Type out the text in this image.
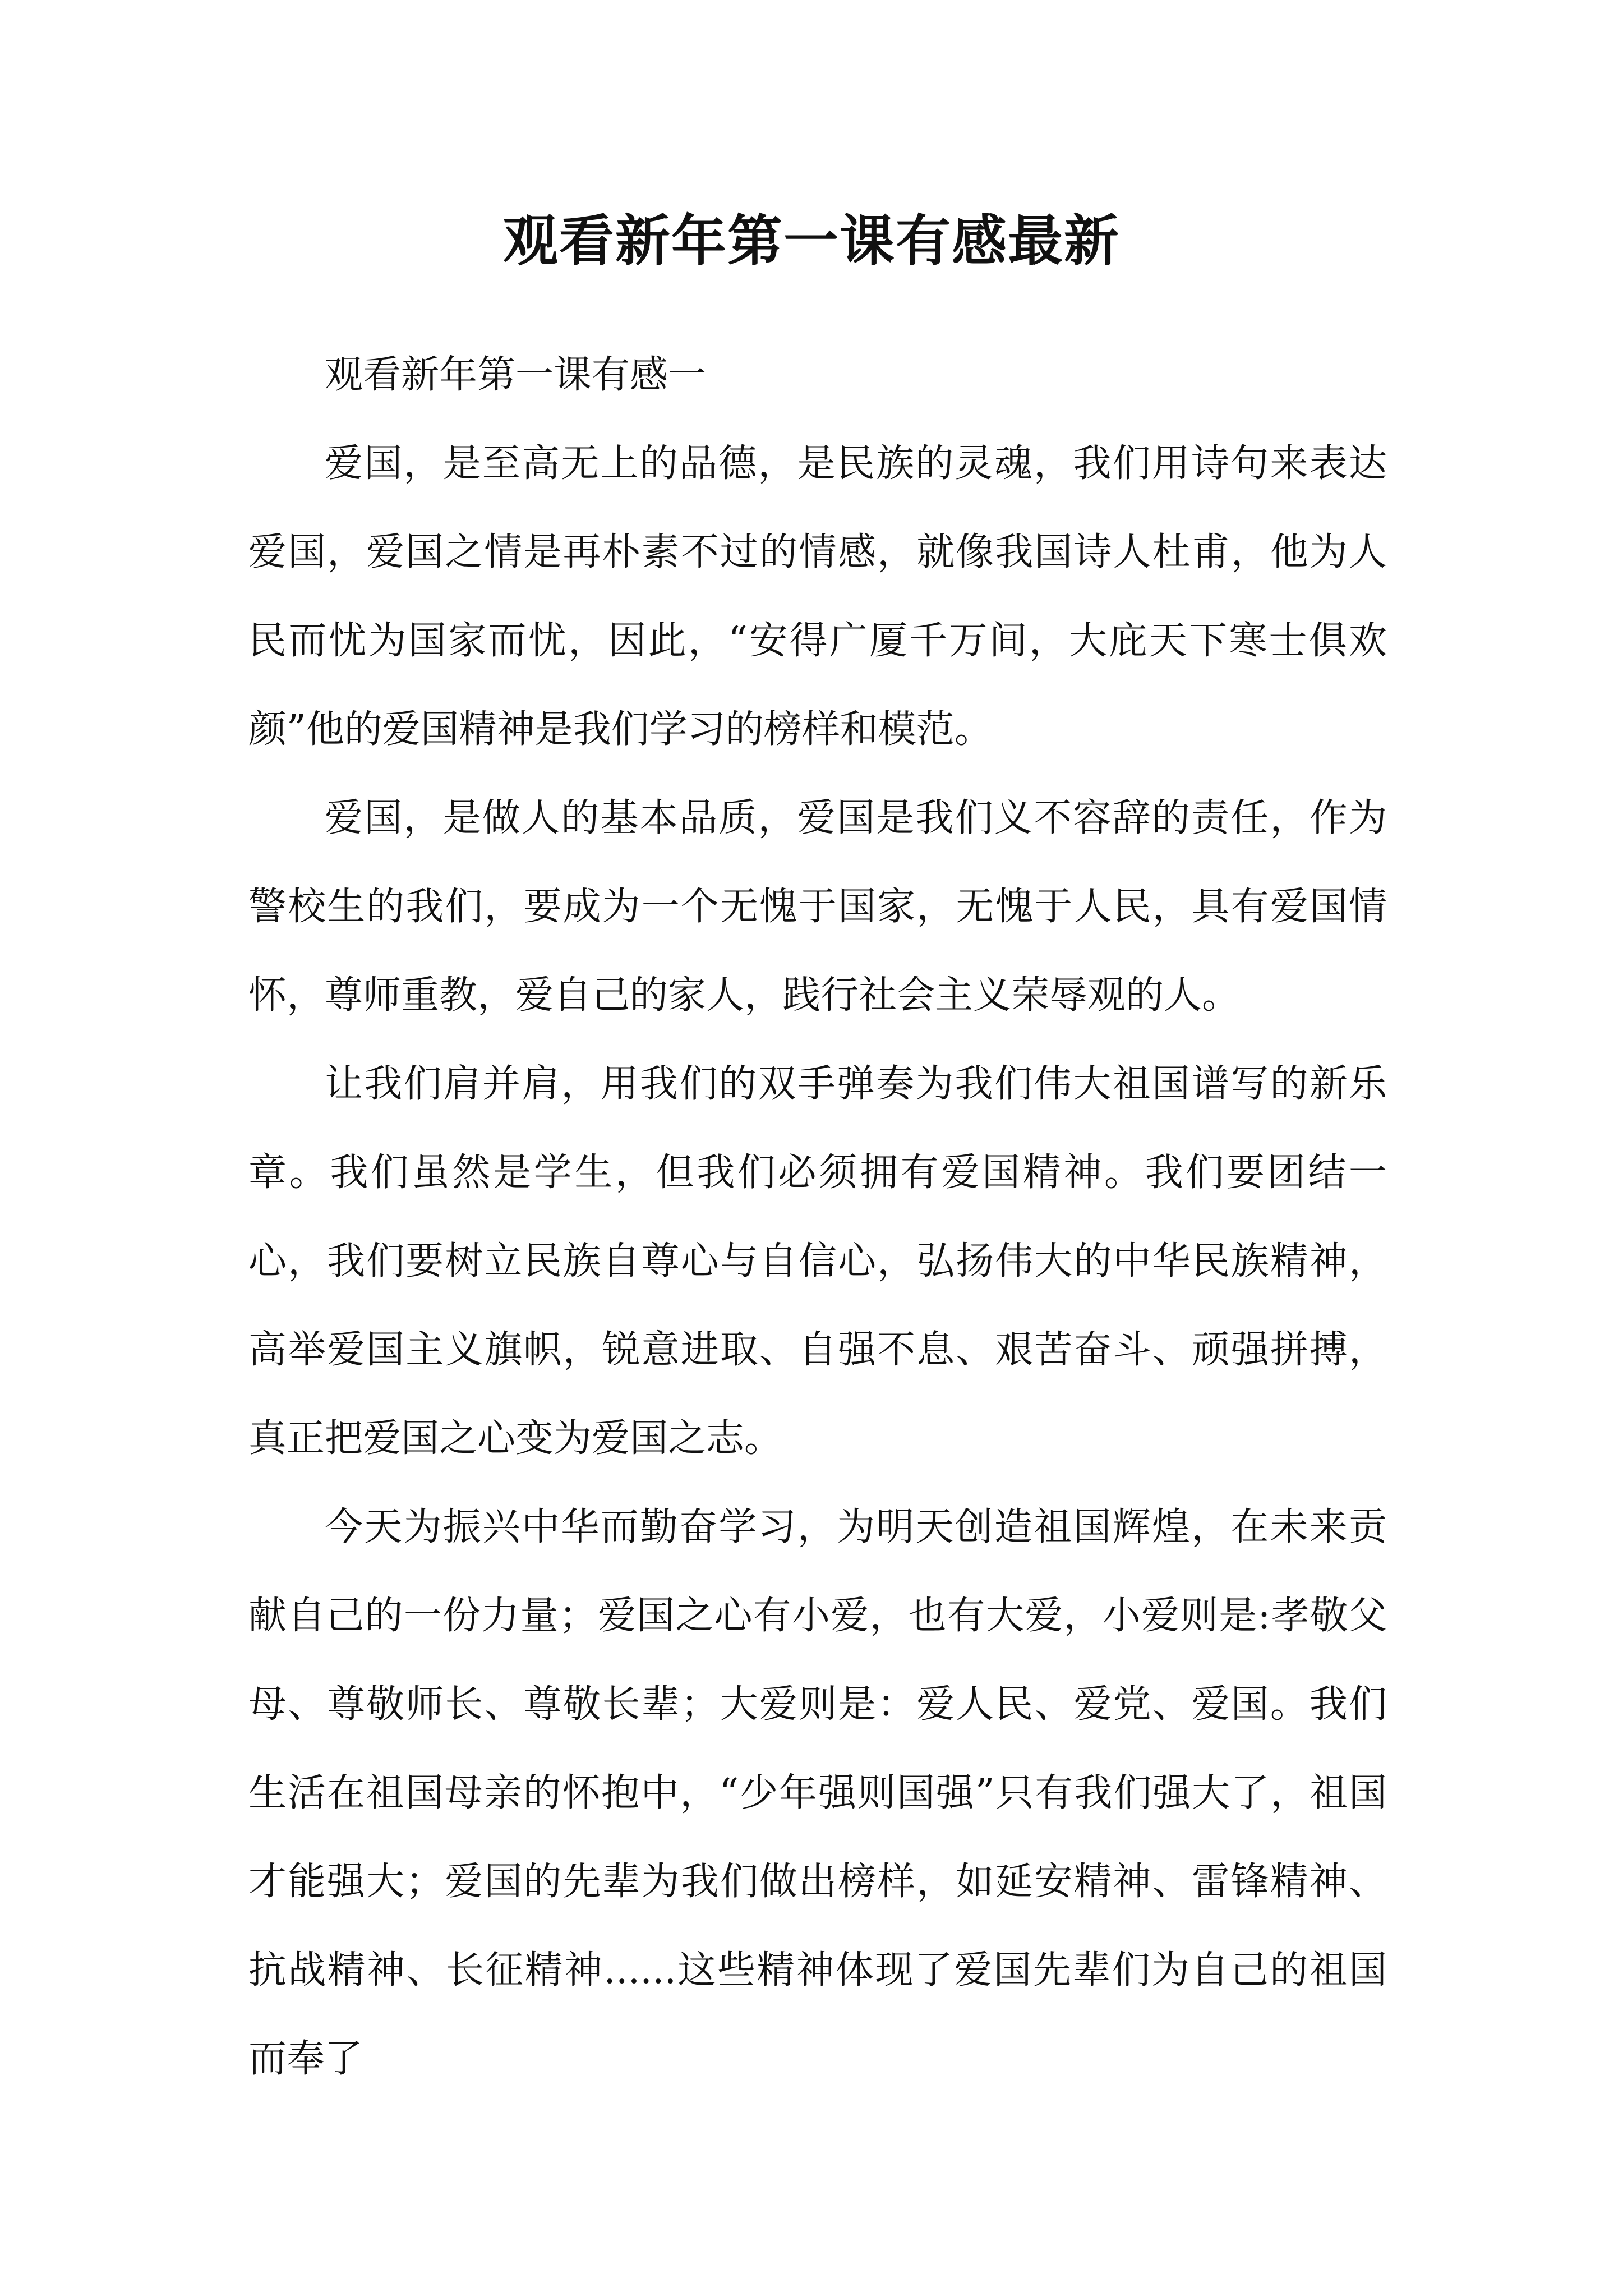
观看新年第一课有感最新

观看新年第一课有感一

爱国，是至高无上的品德，是民族的灵魂，我们用诗句来表达爱国，爱国之情是再朴素不过的情感，就像我国诗人杜甫，他为人民而忧为国家而忧，因此，“安得广厦千万间，大庇天下寒士俱欢颜”他的爱国精神是我们学习的榜样和模范。

爱国，是做人的基本品质，爱国是我们义不容辞的责任，作为警校生的我们，要成为一个无愧于国家，无愧于人民，具有爱国情怀，尊师重教，爱自己的家人，践行社会主义荣辱观的人。

让我们肩并肩，用我们的双手弹奏为我们伟大祖国谱写的新乐章。我们虽然是学生，但我们必须拥有爱国精神。我们要团结一心，我们要树立民族自尊心与自信心，弘扬伟大的中华民族精神，高举爱国主义旗帜，锐意进取、自强不息、艰苦奋斗、顽强拼搏，真正把爱国之心变为爱国之志。

今天为振兴中华而勤奋学习，为明天创造祖国辉煌，在未来贡献自己的一份力量；爱国之心有小爱，也有大爱，小爱则是:孝敬父母、尊敬师长、尊敬长辈；大爱则是：爱人民、爱党、爱国。我们生活在祖国母亲的怀抱中，“少年强则国强”只有我们强大了，祖国才能强大；爱国的先辈为我们做出榜样，如延安精神、雷锋精神、抗战精神、长征精神......这些精神体现了爱国先辈们为自己的祖国而奉了
